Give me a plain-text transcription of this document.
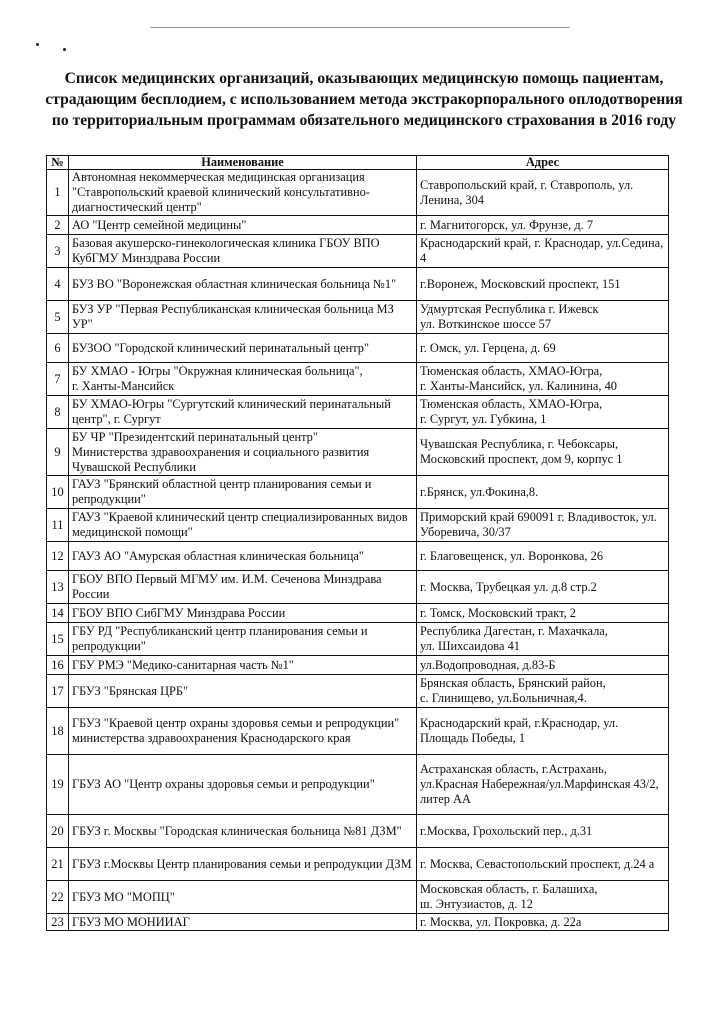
Список медицинских организаций, оказывающих медицинскую помощь пациентам, страдающим бесплодием, с использованием метода экстракорпорального оплодотворения по территориальным программам обязательного медицинского страхования в 2016 году
№	Наименование	Адрес
1	Автономная некоммерческая медицинская организация "Ставропольский краевой клинический консультативно-диагностический центр"	Ставропольский край, г. Ставрополь, ул. Ленина, 304
2	АО "Центр семейной медицины"	г. Магнитогорск, ул. Фрунзе, д. 7
3	Базовая акушерско-гинекологическая клиника ГБОУ ВПО КубГМУ Минздрава России	Краснодарский край, г. Краснодар, ул.Седина, 4
4	БУЗ ВО "Воронежская областная клиническая больница №1"	г.Воронеж, Московский проспект, 151
5	БУЗ УР "Первая Республиканская клиническая больница МЗ УР"	Удмуртская Республика г. Ижевск
ул. Воткинское шоссе 57
6	БУЗОО "Городской клинический перинатальный центр"	г. Омск, ул. Герцена, д. 69
7	БУ ХМАО - Югры "Окружная клиническая больница",
г. Ханты-Мансийск	Тюменская область, ХМАО-Югра,
г. Ханты-Мансийск, ул. Калинина, 40
8	БУ ХМАО-Югры "Сургутский клинический перинатальный центр", г. Сургут	Тюменская область, ХМАО-Югра,
г. Сургут, ул. Губкина, 1
9	БУ ЧР "Президентский перинатальный центр"
Министерства здравоохранения и социального развития Чувашской Республики	Чувашская Республика, г. Чебоксары, Московский проспект, дом 9, корпус 1
10	ГАУЗ "Брянский областной центр планирования семьи и репродукции"	г.Брянск, ул.Фокина,8.
11	ГАУЗ "Краевой клинический центр специализированных видов медицинской помощи"	Приморский край 690091 г. Владивосток, ул. Уборевича, 30/37
12	ГАУЗ АО "Амурская областная клиническая больница"	г. Благовещенск, ул. Воронкова, 26
13	ГБОУ ВПО Первый МГМУ им. И.М. Сеченова Минздрава России	г. Москва, Трубецкая ул. д.8 стр.2
14	ГБОУ ВПО СибГМУ Минздрава России	г. Томск, Московский тракт, 2
15	ГБУ РД "Республиканский центр планирования семьи и репродукции"	Республика Дагестан, г. Махачкала,
ул. Шихсаидова 41
16	ГБУ РМЭ "Медико-санитарная часть №1"	ул.Водопроводная, д.83-Б
17	ГБУЗ "Брянская ЦРБ"	Брянская область, Брянский район,
с. Глинищево, ул.Больничная,4.
18	ГБУЗ "Краевой центр охраны здоровья семьи и репродукции" министерства здравоохранения Краснодарского края	Краснодарский край, г.Краснодар, ул. Площадь Победы, 1
19	ГБУЗ АО "Центр охраны здоровья семьи и репродукции"	Астраханская область, г.Астрахань, ул.Красная Набережная/ул.Марфинская 43/2, литер АА
20	ГБУЗ г. Москвы "Городская клиническая больница №81 ДЗМ"	г.Москва, Грохольский пер., д.31
21	ГБУЗ г.Москвы Центр планирования семьи и репродукции ДЗМ	г. Москва, Севастопольский проспект, д.24 а
22	ГБУЗ МО "МОПЦ"	Московская область, г. Балашиха,
ш. Энтузиастов, д. 12
23	ГБУЗ МО МОНИИАГ	г. Москва, ул. Покровка, д. 22а
